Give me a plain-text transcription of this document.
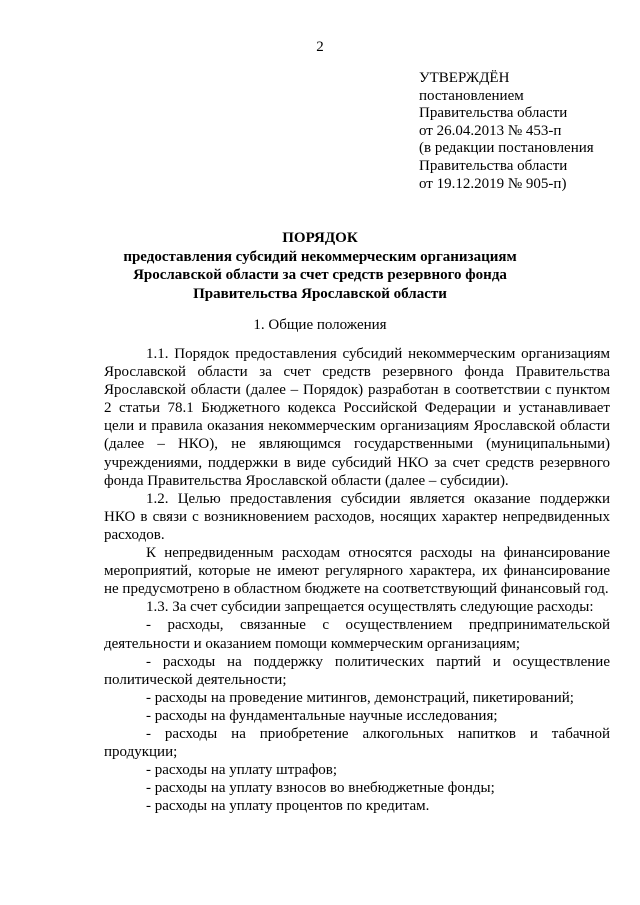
2
УТВЕРЖДЁН
постановлением
Правительства области
от 26.04.2013 № 453-п
(в редакции постановления
Правительства области
от 19.12.2019 № 905-п)
ПОРЯДОК
предоставления субсидий некоммерческим организациям
Ярославской области за счет средств резервного фонда
Правительства Ярославской области
1. Общие положения

1.1. Порядок предоставления субсидий некоммерческим организациям Ярославской области за счет средств резервного фонда Правительства Ярославской области (далее – Порядок) разработан в соответствии с пунктом 2 статьи 78.1 Бюджетного кодекса Российской Федерации и устанавливает цели и правила оказания некоммерческим организациям Ярославской области (далее – НКО), не являющимся государственными (муниципальными) учреждениями, поддержки в виде субсидий НКО за счет средств резервного фонда Правительства Ярославской области (далее – субсидии).

1.2. Целью предоставления субсидии является оказание поддержки НКО в связи с возникновением расходов, носящих характер непредвиденных расходов.

К непредвиденным расходам относятся расходы на финансирование мероприятий, которые не имеют регулярного характера, их финансирование не предусмотрено в областном бюджете на соответствующий финансовый год.

1.3. За счет субсидии запрещается осуществлять следующие расходы:

- расходы, связанные с осуществлением предпринимательской деятельности и оказанием помощи коммерческим организациям;

- расходы на поддержку политических партий и осуществление политической деятельности;

- расходы на проведение митингов, демонстраций, пикетирований;

- расходы на фундаментальные научные исследования;

- расходы на приобретение алкогольных напитков и табачной продукции;

- расходы на уплату штрафов;

- расходы на уплату взносов во внебюджетные фонды;

- расходы на уплату процентов по кредитам.
